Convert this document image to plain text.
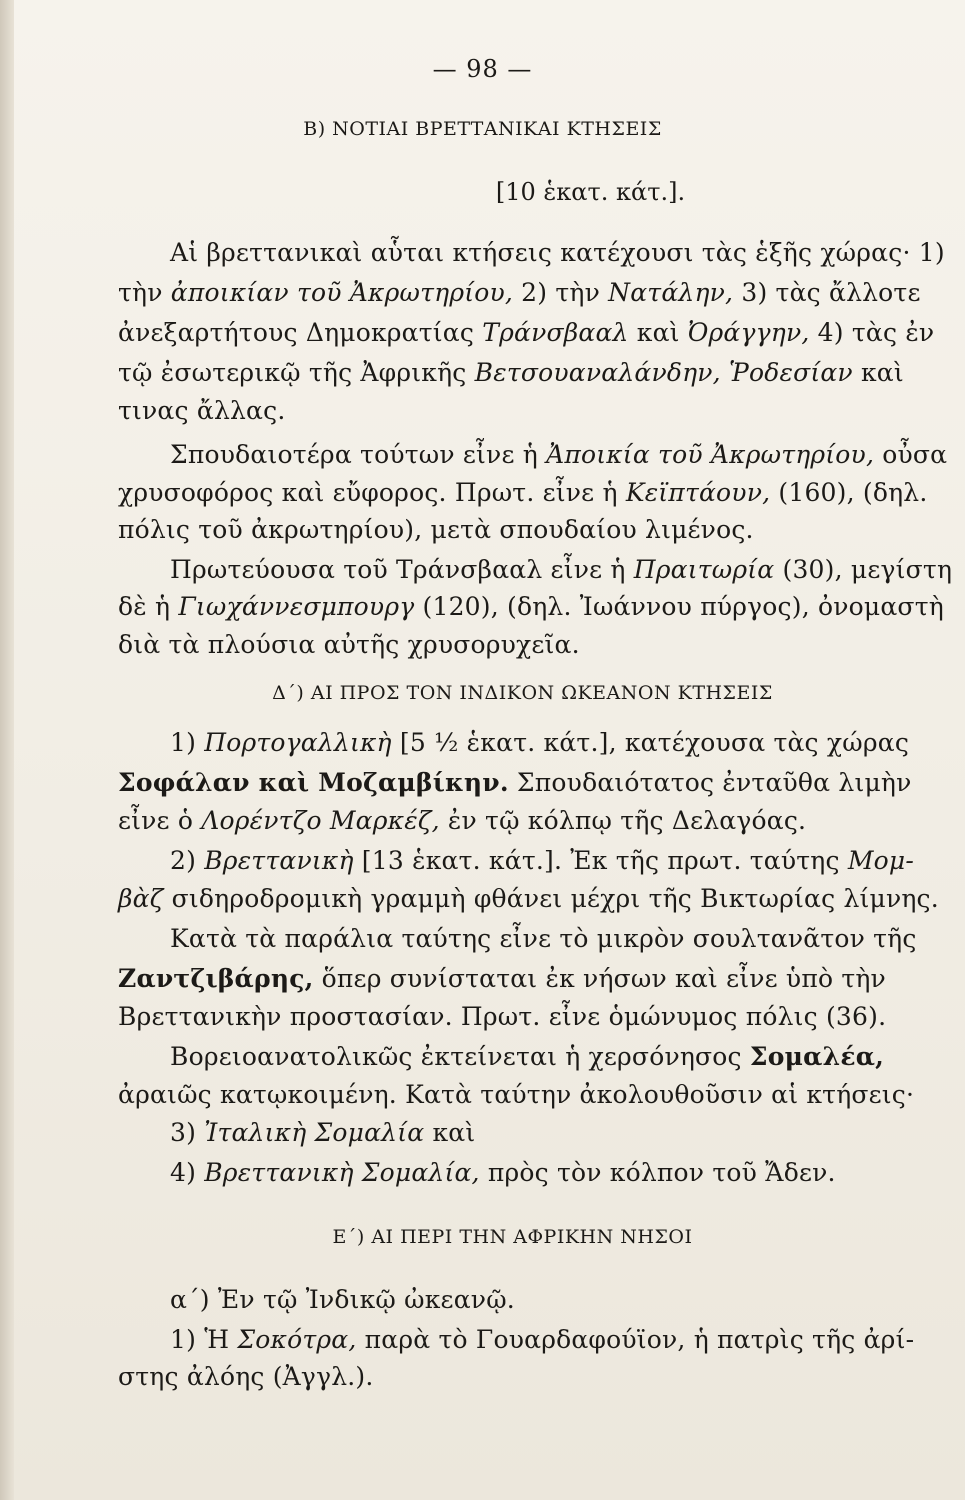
— 98 —
Β) ΝΟΤΙΑΙ ΒΡΕΤΤΑΝΙΚΑΙ ΚΤΗΣΕΙΣ
[10 ἑκατ. κάτ.].
Αἱ βρεττανικαὶ αὗται κτήσεις κατέχουσι τὰς ἑξῆς χώρας· 1)
τὴν ἀποικίαν τοῦ Ἀκρωτηρίου, 2) τὴν Νατάλην, 3) τὰς ἄλλοτε
ἀνεξαρτήτους Δημοκρατίας Τράνσβααλ καὶ Ὀράγγην, 4) τὰς ἐν
τῷ ἐσωτερικῷ τῆς Ἀφρικῆς Βετσουαναλάνδην, Ῥοδεσίαν καὶ
τινας ἄλλας.
Σπουδαιοτέρα τούτων εἶνε ἡ Ἀποικία τοῦ Ἀκρωτηρίου, οὖσα
χρυσοφόρος καὶ εὔφορος. Πρωτ. εἶνε ἡ Κεϊπτάουν, (160), (δηλ.
πόλις τοῦ ἀκρωτηρίου), μετὰ σπουδαίου λιμένος.
Πρωτεύουσα τοῦ Τράνσβααλ εἶνε ἡ Πραιτωρία (30), μεγίστη
δὲ ἡ Γιωχάννεσμπουργ (120), (δηλ. Ἰωάννου πύργος), ὀνομαστὴ
διὰ τὰ πλούσια αὐτῆς χρυσορυχεῖα.
Δ΄) ΑΙ ΠΡΟΣ ΤΟΝ ΙΝΔΙΚΟΝ ΩΚΕΑΝΟΝ ΚΤΗΣΕΙΣ
1) Πορτογαλλικὴ [5 ½ ἑκατ. κάτ.], κατέχουσα τὰς χώρας
Σοφάλαν καὶ Μοζαμβίκην. Σπουδαιότατος ἐνταῦθα λιμὴν
εἶνε ὁ Λορέντζο Μαρκέζ, ἐν τῷ κόλπῳ τῆς Δελαγόας.
2) Βρεττανικὴ [13 ἑκατ. κάτ.]. Ἐκ τῆς πρωτ. ταύτης Μομ-
βὰζ σιδηροδρομικὴ γραμμὴ φθάνει μέχρι τῆς Βικτωρίας λίμνης.
Κατὰ τὰ παράλια ταύτης εἶνε τὸ μικρὸν σουλτανᾶτον τῆς
Ζαντζιβάρης, ὅπερ συνίσταται ἐκ νήσων καὶ εἶνε ὑπὸ τὴν
Βρεττανικὴν προστασίαν. Πρωτ. εἶνε ὁμώνυμος πόλις (36).
Βορειοανατολικῶς ἐκτείνεται ἡ χερσόνησος Σομαλέα,
ἀραιῶς κατῳκοιμένη. Κατὰ ταύτην ἀκολουθοῦσιν αἱ κτήσεις·
3) Ἰταλικὴ Σομαλία καὶ
4) Βρεττανικὴ Σομαλία, πρὸς τὸν κόλπον τοῦ Ἄδεν.
Ε΄) ΑΙ ΠΕΡΙ ΤΗΝ ΑΦΡΙΚΗΝ ΝΗΣΟΙ
α΄) Ἐν τῷ Ἰνδικῷ ὠκεανῷ.
1) Ἡ Σοκότρα, παρὰ τὸ Γουαρδαφούϊον, ἡ πατρὶς τῆς ἀρί-
στης ἀλόης (Ἀγγλ.).
